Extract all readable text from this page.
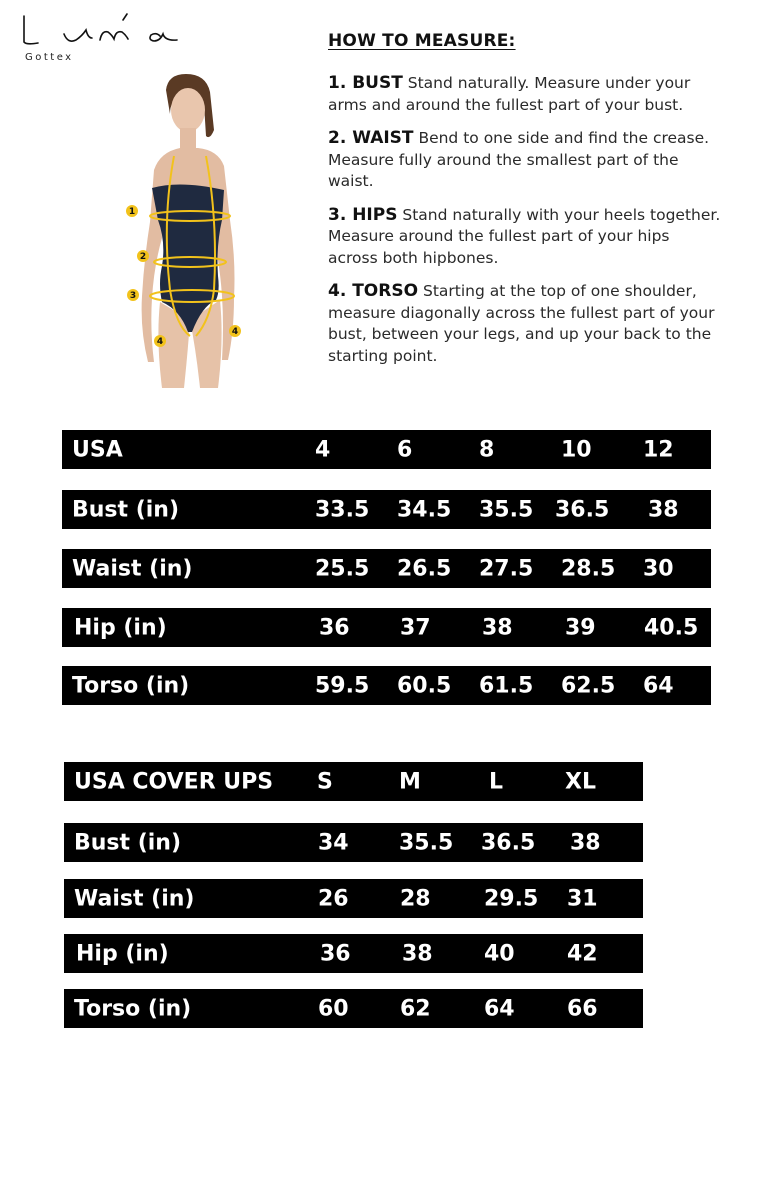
Gottex
1
2
3
4
4
HOW TO MEASURE:

1. BUST Stand naturally. Measure under your arms and around the fullest part of your bust.

2. WAIST Bend to one side and find the crease. Measure fully around the smallest part of the waist.

3. HIPS Stand naturally with your heels together. Measure around the fullest part of your hips across both hipbones.

4. TORSO Starting at the top of one shoulder, measure diagonally across the fullest part of your bust, between your legs, and up your back to the starting point.

USA	4	6	8	10 12
Bust (in)	33.5 34.5 35.5 36.5 38
Waist (in)	25.5 26.5 27.5 28.5 30
Hip (in)	36 37 38 39 40.5
Torso (in)	59.5 60.5 61.5 62.5 64
USA COVER UPS S	M	L	XL
Bust (in)	34 35.5 36.5 38
Waist (in)	26 28 29.5 31
Hip (in)	36 38 40 42
Torso (in)	60 62 64 66
